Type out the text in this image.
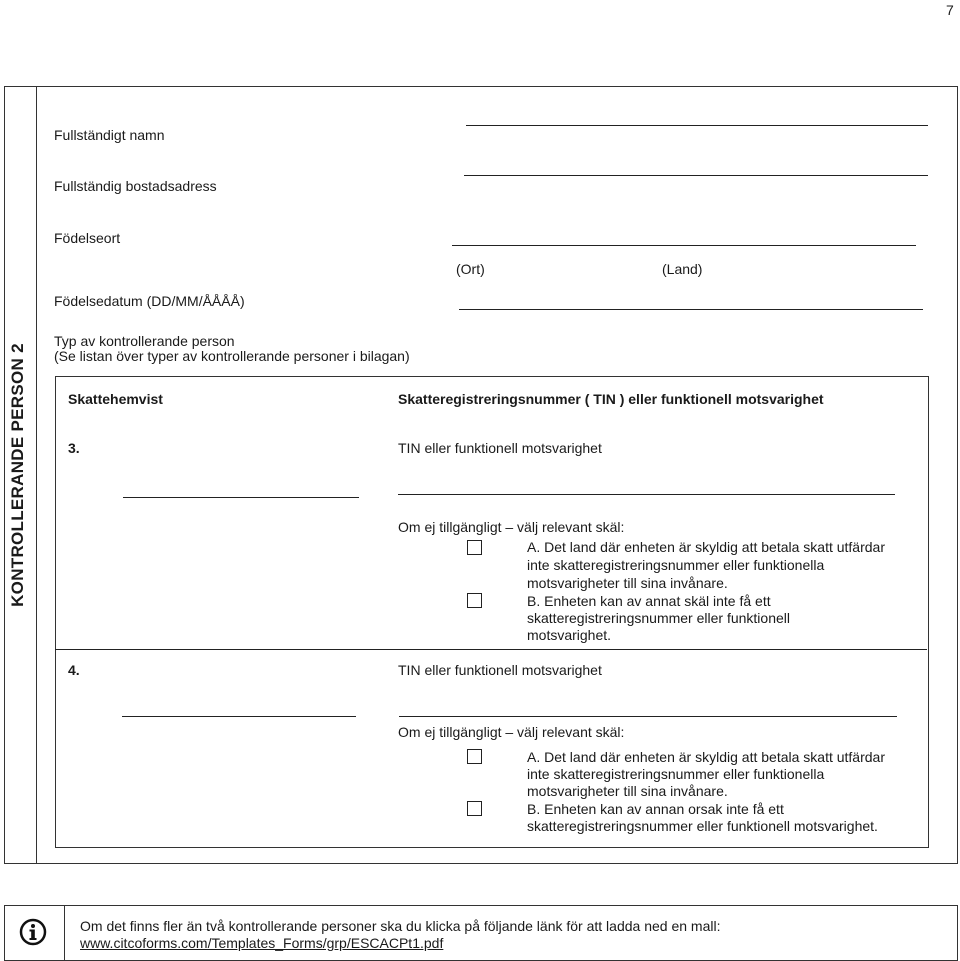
7
KONTROLLERANDE PERSON 2
Fullständigt namn
Fullständig bostadsadress
Födelseort
(Ort)	(Land)
Födelsedatum (DD/MM/ÅÅÅÅ)
Typ av kontrollerande person
(Se listan över typer av kontrollerande personer i bilagan)
Skattehemvist	Skatteregistreringsnummer ( TIN ) eller funktionell motsvarighet
3.	TIN eller funktionell motsvarighet
Om ej tillgängligt – välj relevant skäl:
A. Det land där enheten är skyldig att betala skatt utfärdar
inte skatteregistreringsnummer eller funktionella
motsvarigheter till sina invånare.
B. Enheten kan av annat skäl inte få ett
skatteregistreringsnummer eller funktionell
motsvarighet.
4.	TIN eller funktionell motsvarighet
Om ej tillgängligt – välj relevant skäl:
A. Det land där enheten är skyldig att betala skatt utfärdar
inte skatteregistreringsnummer eller funktionella
motsvarigheter till sina invånare.
B. Enheten kan av annan orsak inte få ett
skatteregistreringsnummer eller funktionell motsvarighet.
Om det finns fler än två kontrollerande personer ska du klicka på följande länk för att ladda ned en mall:
www.citcoforms.com/Templates_Forms/grp/ESCACPt1.pdf
